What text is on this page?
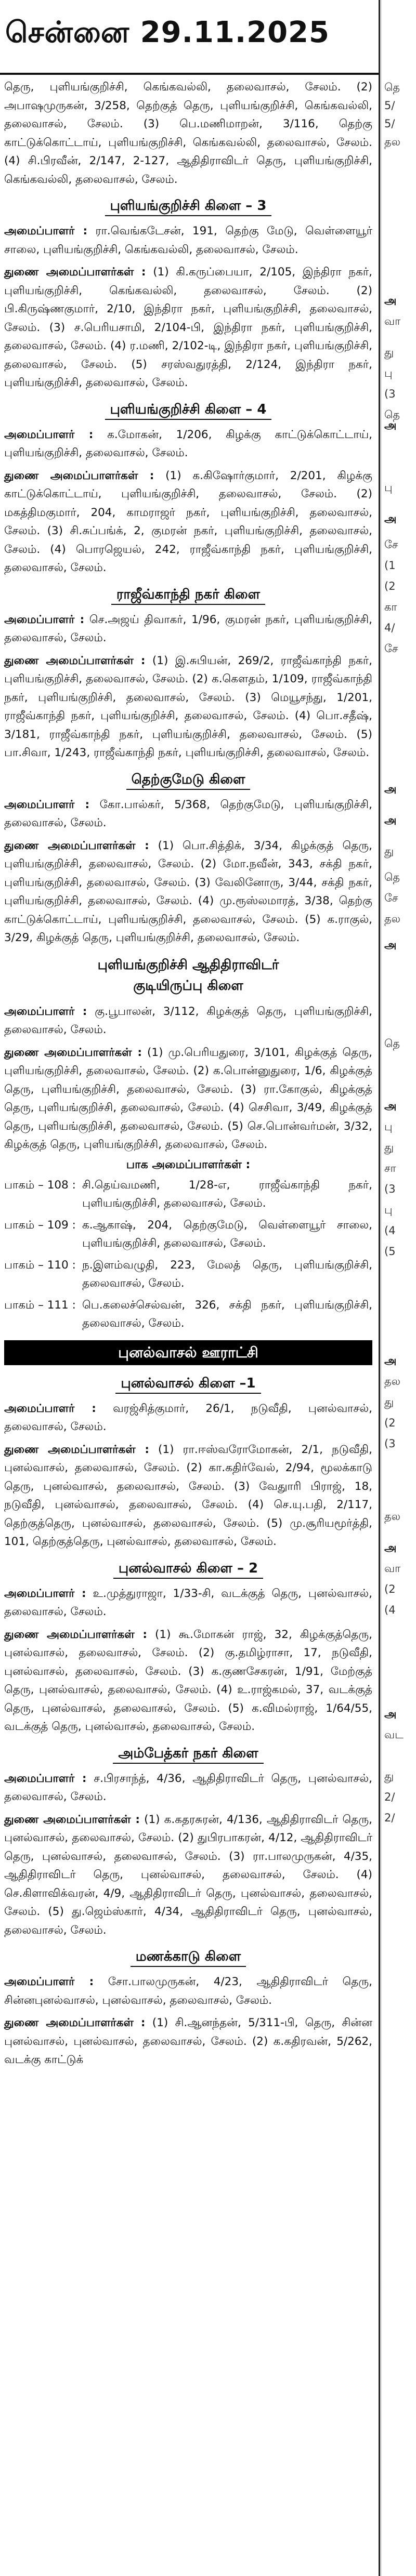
சென்னை 29.11.2025

தெரு, புளியங்குறிச்சி, கெங்கவல்லி, தலைவாசல், சேலம். (2) அபாஷமுருகன், 3/258, தெற்குத் தெரு, புளியங்குறிச்சி, கெங்கவல்லி, தலைவாசல், சேலம். (3) பெ.மணிமாறன், 3/116, தெற்கு காட்டுக்கொட்டாய், புளியங்குறிச்சி, கெங்கவல்லி, தலைவாசல், சேலம். (4) சி.பிரவீன், 2/147, 2-127, ஆதிதிராவிடர் தெரு, புளியங்குறிச்சி, கெங்கவல்லி, தலைவாசல், சேலம்.

புளியங்குறிச்சி கிளை – 3

அமைப்பாளர் : ரா.வெங்கடேசன், 191, தெற்கு மேடு, வெள்ளையூர் சாலை, புளியங்குறிச்சி, கெங்கவல்லி, தலைவாசல், சேலம்.

துணை அமைப்பாளர்கள் : (1) கி.கருப்பையா, 2/105, இந்திரா நகர், புளியங்குறிச்சி, கெங்கவல்லி, தலைவாசல், சேலம். (2) பி.கிருஷ்ணகுமார், 2/10, இந்திரா நகர், புளியங்குறிச்சி, தலைவாசல், சேலம். (3) ச.பெரியசாமி, 2/104-பி, இந்திரா நகர், புளியங்குறிச்சி, தலைவாசல், சேலம். (4) ர.மணி, 2/102-டி, இந்திரா நகர், புளியங்குறிச்சி, தலைவாசல், சேலம். (5) சரஸ்வதுரத்தி, 2/124, இந்திரா நகர், புளியங்குறிச்சி, தலைவாசல், சேலம்.

புளியங்குறிச்சி கிளை – 4

அமைப்பாளர் : க.மோகன், 1/206, கிழக்கு காட்டுக்கொட்டாய், புளியங்குறிச்சி, தலைவாசல், சேலம்.

துணை அமைப்பாளர்கள் : (1) க.கிஷோர்குமார், 2/201, கிழக்கு காட்டுக்கொட்டாய், புளியங்குறிச்சி, தலைவாசல், சேலம். (2) மகத்திமகுமார், 204, காமராஜர் நகர், புளியங்குறிச்சி, தலைவாசல், சேலம். (3) சி.சுப்பங்க், 2, குமரன் நகர், புளியங்குறிச்சி, தலைவாசல், சேலம். (4) பொரஜெயல், 242, ராஜீவ்காந்தி நகர், புளியங்குறிச்சி, தலைவாசல், சேலம்.

ராஜீவ்காந்தி நகர் கிளை

அமைப்பாளர் : செ.அஜய் திவாகர், 1/96, குமரன் நகர், புளியங்குறிச்சி, தலைவாசல், சேலம்.

துணை அமைப்பாளர்கள் : (1) இ.சுபியன், 269/2, ராஜீவ்காந்தி நகர், புளியங்குறிச்சி, தலைவாசல், சேலம். (2) க.கௌதம், 1/109, ராஜீவ்காந்தி நகர், புளியங்குறிச்சி, தலைவாசல், சேலம். (3) மெயூசந்து, 1/201, ராஜீவ்காந்தி நகர், புளியங்குறிச்சி, தலைவாசல், சேலம். (4) பொ.சதீஷ், 3/181, ராஜீவ்காந்தி நகர், புளியங்குறிச்சி, தலைவாசல், சேலம். (5) பா.சிவா, 1/243, ராஜீவ்காந்தி நகர், புளியங்குறிச்சி, தலைவாசல், சேலம்.

தெற்குமேடு கிளை

அமைப்பாளர் : கோ.பால்கர், 5/368, தெற்குமேடு, புளியங்குறிச்சி, தலைவாசல், சேலம்.

துணை அமைப்பாளர்கள் : (1) பொ.சித்திக், 3/34, கிழக்குத் தெரு, புளியங்குறிச்சி, தலைவாசல், சேலம். (2) மோ.நவீன், 343, சக்தி நகர், புளியங்குறிச்சி, தலைவாசல், சேலம். (3) வேலினோரு, 3/44, சக்தி நகர், புளியங்குறிச்சி, தலைவாசல், சேலம். (4) மு.ரூஸ்லமாரத், 3/38, தெற்கு காட்டுக்கொட்டாய், புளியங்குறிச்சி, தலைவாசல், சேலம். (5) க.ராகுல், 3/29, கிழக்குத் தெரு, புளியங்குறிச்சி, தலைவாசல், சேலம்.

புளியங்குறிச்சி ஆதிதிராவிடர்
குடியிருப்பு கிளை

அமைப்பாளர் : கு.பூபாலன், 3/112, கிழக்குத் தெரு, புளியங்குறிச்சி, தலைவாசல், சேலம்.

துணை அமைப்பாளர்கள் : (1) மு.பெரியதுரை, 3/101, கிழக்குத் தெரு, புளியங்குறிச்சி, தலைவாசல், சேலம். (2) க.பொன்னுதுரை, 1/6, கிழக்குத் தெரு, புளியங்குறிச்சி, தலைவாசல், சேலம். (3) ரா.கோகுல், கிழக்குத் தெரு, புளியங்குறிச்சி, தலைவாசல், சேலம். (4) செசிவா, 3/49, கிழக்குத் தெரு, புளியங்குறிச்சி, தலைவாசல், சேலம். (5) செ.பொன்வர்மன், 3/32, கிழக்குத் தெரு, புளியங்குறிச்சி, தலைவாசல், சேலம்.

பாக அமைப்பாளர்கள் :
பாகம் – 108 : சி.தெய்வமணி, 1/28-எ, ராஜீவ்காந்தி நகர், புளியங்குறிச்சி, தலைவாசல், சேலம்.
பாகம் – 109 : க.ஆகாஷ், 204, தெற்குமேடு, வெள்ளையூர் சாலை, புளியங்குறிச்சி, தலைவாசல், சேலம்.
பாகம் – 110 : ந.இளம்வழுதி, 223, மேலத் தெரு, புளியங்குறிச்சி, தலைவாசல், சேலம்.
பாகம் – 111 : பெ.கலைச்செல்வன், 326, சக்தி நகர், புளியங்குறிச்சி, தலைவாசல், சேலம்.
புனல்வாசல் ஊராட்சி
புனல்வாசல் கிளை –1

அமைப்பாளர் : வரஜ்சித்குமார், 26/1, நடுவீதி, புனல்வாசல், தலைவாசல், சேலம்.

துணை அமைப்பாளர்கள் : (1) ரா.ஈஸ்வரோமோகன், 2/1, நடுவீதி, புனல்வாசல், தலைவாசல், சேலம். (2) கா.கதிர்வேல், 2/94, மூலக்காடு தெரு, புனல்வாசல், தலைவாசல், சேலம். (3) வேதுாரி பிராஜ், 18, நடுவீதி, புனல்வாசல், தலைவாசல், சேலம். (4) செ.யு.பதி, 2/117, தெற்குத்தெரு, புனல்வாசல், தலைவாசல், சேலம். (5) மு.சூரியமூர்த்தி, 101, தெற்குத்தெரு, புனல்வாசல், தலைவாசல், சேலம்.

புனல்வாசல் கிளை – 2

அமைப்பாளர் : உ.முத்துராஜா, 1/33-சி, வடக்குத் தெரு, புனல்வாசல், தலைவாசல், சேலம்.

துணை அமைப்பாளர்கள் : (1) கூ.மோகன் ராஜ், 32, கிழக்குத்தெரு, புனல்வாசல், தலைவாசல், சேலம். (2) கு.தமிழ்ராசா, 17, நடுவீதி, புனல்வாசல், தலைவாசல், சேலம். (3) க.குணசேகரன், 1/91, மேற்குத் தெரு, புனல்வாசல், தலைவாசல், சேலம். (4) உ.ராஜ்கமல், 37, வடக்குத் தெரு, புனல்வாசல், தலைவாசல், சேலம். (5) க.விமல்ராஜ், 1/64/55, வடக்குத் தெரு, புனல்வாசல், தலைவாசல், சேலம்.

அம்பேத்கர் நகர் கிளை

அமைப்பாளர் : ச.பிரசாந்த், 4/36, ஆதிதிராவிடர் தெரு, புனல்வாசல், தலைவாசல், சேலம்.

துணை அமைப்பாளர்கள் : (1) க.கதரசுரன், 4/136, ஆதிதிராவிடர் தெரு, புனல்வாசல், தலைவாசல், சேலம். (2) துபிரபாகரன், 4/12, ஆதிதிராவிடர் தெரு, புனல்வாசல், தலைவாசல், சேலம். (3) ரா.பாலமுருகன், 4/35, ஆதிதிராவிடர் தெரு, புனல்வாசல், தலைவாசல், சேலம். (4) செ.கிளாவிக்வரன், 4/9, ஆதிதிராவிடர் தெரு, புனல்வாசல், தலைவாசல், சேலம். (5) து.ஜெம்ஸ்கார், 4/34, ஆதிதிராவிடர் தெரு, புனல்வாசல், தலைவாசல், சேலம்.

மணக்காடு கிளை

அமைப்பாளர் : சோ.பாலமுருகன், 4/23, ஆதிதிராவிடர் தெரு, சின்னபுனல்வாசல், புனல்வாசல், தலைவாசல், சேலம்.

துணை அமைப்பாளர்கள் : (1) சி.ஆனந்தன், 5/311-பி, தெரு, சின்ன புனல்வாசல், புனல்வாசல், தலைவாசல், சேலம். (2) க.கதிரவன், 5/262, வடக்கு காட்டுக்

தெ
5/
5/
தல
அ
வா
து
பு
(3
தெ
அ
பு
அ
சே
(1
(2
கா
4/
சே
அ
அ
து
தெ
சே
தல
அ
தெ
அ
பு
து
சா
(3
பு
(4
(5
அ
தல
து
(2
(3
தல
அ
வா
(2
(4
அ
வட
து
2/
2/
